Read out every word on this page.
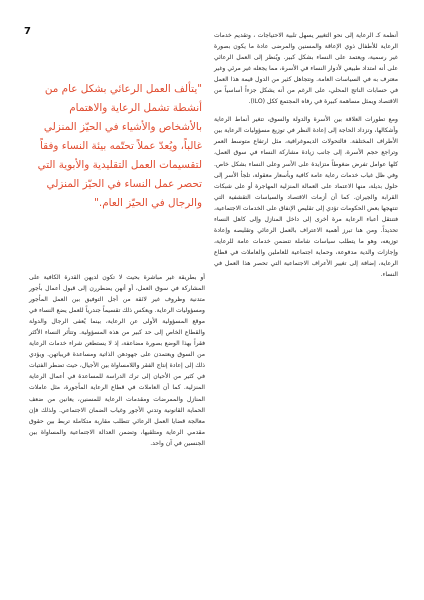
7	أنظمة كـ الرعاية إلى نحو التغيير يسهل تلبية الاحتياجات ، وتقديم خدمات الرعاية للأطفال ذوي الإعاقة والمسنين والمرضى عادة ما يكون بصورة غير رسمية، ويعتمد على النساء بشكل كبير. ويُنظر إلى العمل الرعائي على أنه امتداد طبيعي لأدوار النساء في الأسرة، مما يجعله غير مرئي وغير معترف به في السياسات العامة. وتتجاهل كثير من الدول قيمة هذا العمل في حسابات الناتج المحلي، على الرغم من أنه يشكل جزءاً أساسياً من الاقتصاد ويمثل مساهمة كبيرة في رفاه المجتمع ككل (ILO).

ومع تطورات العلاقة بين الأسرة والدولة والسوق، تتغير أنماط الرعاية وأشكالها، وتزداد الحاجة إلى إعادة النظر في توزيع مسؤوليات الرعاية بين الأطراف المختلفة. فالتحولات الديموغرافية، مثل ارتفاع متوسط العمر وتراجع حجم الأسرة، إلى جانب زيادة مشاركة النساء في سوق العمل، كلها عوامل تفرض ضغوطاً متزايدة على الأسر وعلى النساء بشكل خاص. وفي ظل غياب خدمات رعاية عامة كافية وبأسعار معقولة، تلجأ الأسر إلى حلول بديلة، منها الاعتماد على العمالة المنزلية المهاجرة أو على شبكات القرابة والجيران. كما أن أزمات الاقتصاد والسياسات التقشفية التي تنتهجها بعض الحكومات تؤدي إلى تقليص الإنفاق على الخدمات الاجتماعية، فتنتقل أعباء الرعاية مرة أخرى إلى داخل المنازل وإلى كاهل النساء تحديداً. ومن هنا تبرز أهمية الاعتراف بالعمل الرعائي وتقليصه وإعادة توزيعه، وهو ما يتطلب سياسات شاملة تتضمن خدمات عامة للرعاية، وإجازات والدية مدفوعة، وحماية اجتماعية للعاملين والعاملات في قطاع الرعاية، إضافة إلى تغيير الأعراف الاجتماعية التي تحصر هذا العمل في النساء.

"يتألف العمل الرعائي بشكل عام من أنشطة تشمل الرعاية والاهتمام بالأشخاص والأشياء في الحيّز المنزلي غالباً، ويُعدّ عملاً تحتّمه بيئة النساء وفقاً لتقسيمات العمل التقليدية والأبوية التي تحصر عمل النساء في الحيّز المنزلي والرجال في الحيّز العام."

أو بطريقة غير مباشرة بحيث لا تكون لديهن القدرة الكافية على المشاركة في سوق العمل، أو أنهن يضطررن إلى قبول أعمال بأجور متدنية وظروف غير لائقة من أجل التوفيق بين العمل المأجور ومسؤوليات الرعاية. ويعكس ذلك تقسيماً جندرياً للعمل يضع النساء في موقع المسؤولية الأولى عن الرعاية، بينما يُعفى الرجال والدولة والقطاع الخاص إلى حد كبير من هذه المسؤولية. وتتأثر النساء الأكثر فقراً بهذا الوضع بصورة مضاعفة، إذ لا يستطعن شراء خدمات الرعاية من السوق ويعتمدن على جهودهن الذاتية ومساعدة قريباتهن. ويؤدي ذلك إلى إعادة إنتاج الفقر واللامساواة بين الأجيال، حيث تضطر الفتيات في كثير من الأحيان إلى ترك الدراسة للمساعدة في أعمال الرعاية المنزلية. كما أن العاملات في قطاع الرعاية المأجورة، مثل عاملات المنازل والممرضات ومقدمات الرعاية للمسنين، يعانين من ضعف الحماية القانونية وتدني الأجور وغياب الضمان الاجتماعي. ولذلك فإن معالجة قضايا العمل الرعائي تتطلب مقاربة متكاملة تربط بين حقوق مقدمي الرعاية ومتلقيها، وتضمن العدالة الاجتماعية والمساواة بين الجنسين في آن واحد.
